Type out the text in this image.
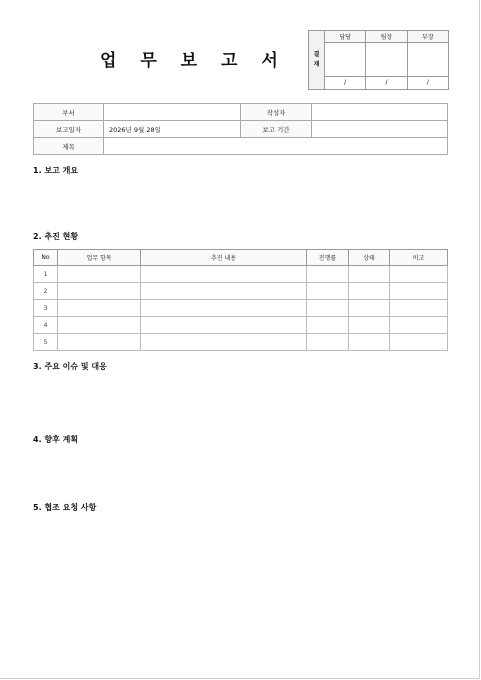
업 무 보 고 서	결
재	담당	팀장	부장

	/	/	/
부서		작성자	
보고일자	2026년 9월 28일	보고 기간	
제목			
1. 보고 개요
2. 추진 현황
No	업무 항목	추진 내용	진행률	상태	비고
1					
2					
3					
4					
5					
3. 주요 이슈 및 대응
4. 향후 계획
5. 협조 요청 사항
